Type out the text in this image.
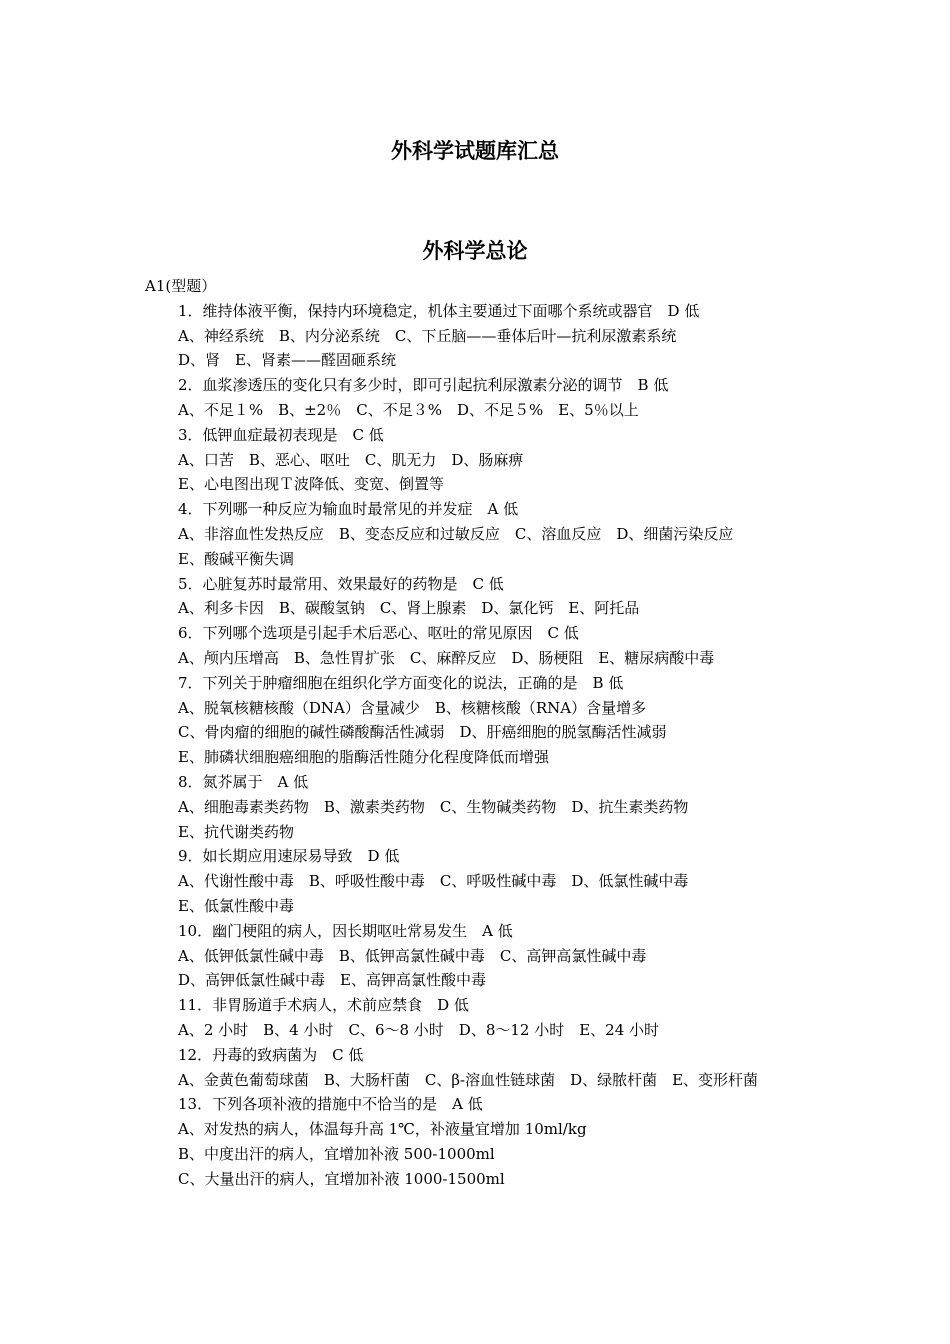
外科学试题库汇总
外科学总论
A1(型题）
1．维持体液平衡，保持内环境稳定，机体主要通过下面哪个系统或器官　D 低
A、神经系统　B、内分泌系统　C、下丘脑——垂体后叶—抗利尿激素系统
D、肾　E、肾素——醛固砸系统
2．血浆渗透压的变化只有多少时，即可引起抗利尿激素分泌的调节　B 低
A、不足１%　B、±2％　C、不足３%　D、不足５%　E、5％以上
3．低钾血症最初表现是　C 低
A、口苦　B、恶心、呕吐　C、肌无力　D、肠麻痹
E、心电图出现Ｔ波降低、变宽、倒置等
4．下列哪一种反应为输血时最常见的并发症　A 低
A、非溶血性发热反应　B、变态反应和过敏反应　C、溶血反应　D、细菌污染反应
E、酸碱平衡失调
5．心脏复苏时最常用、效果最好的药物是　C 低
A、利多卡因　B、碳酸氢钠　C、肾上腺素　D、氯化钙　E、阿托品
6．下列哪个选项是引起手术后恶心、呕吐的常见原因　C 低
A、颅内压增高　B、急性胃扩张　C、麻醉反应　D、肠梗阻　E、糖尿病酸中毒
7．下列关于肿瘤细胞在组织化学方面变化的说法，正确的是　B 低
A、脱氧核糖核酸（DNA）含量减少　B、核糖核酸（RNA）含量增多
C、骨肉瘤的细胞的碱性磷酸酶活性减弱　D、肝癌细胞的脱氢酶活性减弱
E、肺磷状细胞癌细胞的脂酶活性随分化程度降低而增强
8．氮芥属于　A 低
A、细胞毒素类药物　B、激素类药物　C、生物碱类药物　D、抗生素类药物
E、抗代谢类药物
9．如长期应用速尿易导致　D 低
A、代谢性酸中毒　B、呼吸性酸中毒　C、呼吸性碱中毒　D、低氯性碱中毒
E、低氯性酸中毒
10．幽门梗阻的病人，因长期呕吐常易发生　A 低
A、低钾低氯性碱中毒　B、低钾高氯性碱中毒　C、高钾高氯性碱中毒
D、高钾低氯性碱中毒　E、高钾高氯性酸中毒
11．非胃肠道手术病人，术前应禁食　D 低
A、2 小时　B、4 小时　C、6～8 小时　D、8～12 小时　E、24 小时
12．丹毒的致病菌为　C 低
A、金黄色葡萄球菌　B、大肠杆菌　C、β-溶血性链球菌　D、绿脓杆菌　E、变形杆菌
13．下列各项补液的措施中不恰当的是　A 低
A、对发热的病人，体温每升高 1℃，补液量宜增加 10ml/kg
B、中度出汗的病人，宜增加补液 500-1000ml
C、大量出汗的病人，宜增加补液 1000-1500ml
